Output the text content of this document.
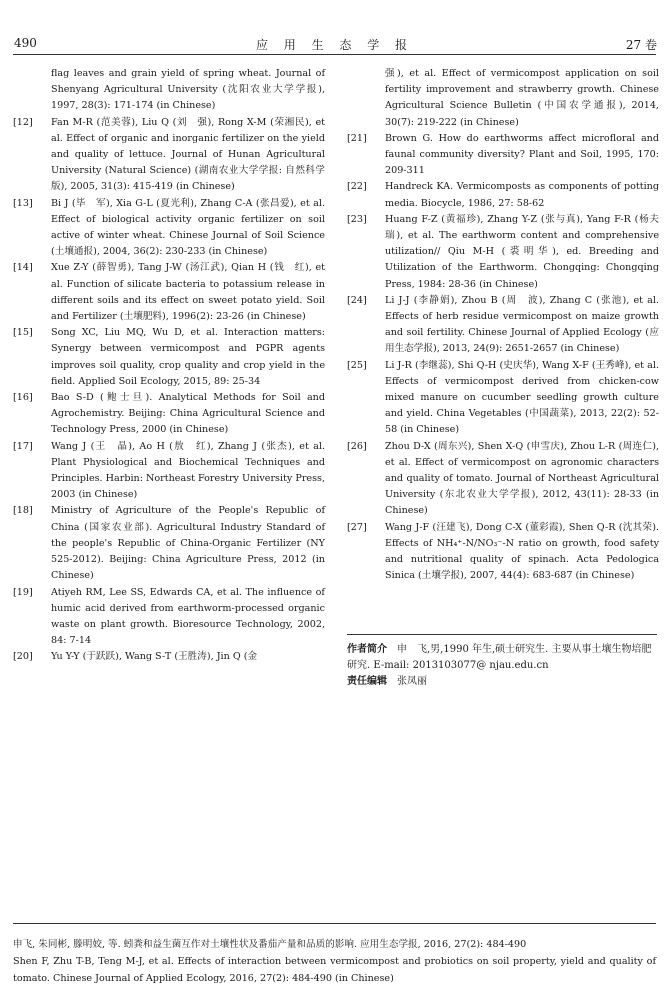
490	应 用 生 态 学 报	27 卷
flag leaves and grain yield of spring wheat. Journal of Shenyang Agricultural University (沈阳农业大学学报), 1997, 28(3): 171-174 (in Chinese)
[12]	Fan M-R (范美蓉), Liu Q (刘　强), Rong X-M (荣湘民), et al. Effect of organic and inorganic fertilizer on the yield and quality of lettuce. Journal of Hunan Agricultural University (Natural Science) (湖南农业大学学报: 自然科学版), 2005, 31(3): 415-419 (in Chinese)
[13]	Bi J (毕　军), Xia G-L (夏光利), Zhang C-A (张昌爱), et al. Effect of biological activity organic fertilizer on soil active of winter wheat. Chinese Journal of Soil Science (土壤通报), 2004, 36(2): 230-233 (in Chinese)
[14]	Xue Z-Y (薛智勇), Tang J-W (汤江武), Qian H (钱　红), et al. Function of silicate bacteria to potassium release in different soils and its effect on sweet potato yield. Soil and Fertilizer (土壤肥料), 1996(2): 23-26 (in Chinese)
[15]	Song XC, Liu MQ, Wu D, et al. Interaction matters: Synergy between vermicompost and PGPR agents improves soil quality, crop quality and crop yield in the field. Applied Soil Ecology, 2015, 89: 25-34
[16]	Bao S-D (鲍士旦). Analytical Methods for Soil and Agrochemistry. Beijing: China Agricultural Science and Technology Press, 2000 (in Chinese)
[17]	Wang J (王　晶), Ao H (敖　红), Zhang J (张杰), et al. Plant Physiological and Biochemical Techniques and Principles. Harbin: Northeast Forestry University Press, 2003 (in Chinese)
[18]	Ministry of Agriculture of the People's Republic of China (国家农业部). Agricultural Industry Standard of the people's Republic of China-Organic Fertilizer (NY 525-2012). Beijing: China Agriculture Press, 2012 (in Chinese)
[19]	Atiyeh RM, Lee SS, Edwards CA, et al. The influence of humic acid derived from earthworm-processed organic waste on plant growth. Bioresource Technology, 2002, 84: 7-14
[20]	Yu Y-Y (于跃跃), Wang S-T (王胜涛), Jin Q (金
强), et al. Effect of vermicompost application on soil fertility improvement and strawberry growth. Chinese Agricultural Science Bulletin (中国农学通报), 2014, 30(7): 219-222 (in Chinese)
[21]	Brown G. How do earthworms affect microfloral and faunal community diversity? Plant and Soil, 1995, 170: 209-311
[22]	Handreck KA. Vermicomposts as components of potting media. Biocycle, 1986, 27: 58-62
[23]	Huang F-Z (黄福珍), Zhang Y-Z (张与真), Yang F-R (杨夫瑞), et al. The earthworm content and comprehensive utilization// Qiu M-H (裘明华), ed. Breeding and Utilization of the Earthworm. Chongqing: Chongqing Press, 1984: 28-36 (in Chinese)
[24]	Li J-J (李静娟), Zhou B (周　波), Zhang C (张池), et al. Effects of herb residue vermicompost on maize growth and soil fertility. Chinese Journal of Applied Ecology (应用生态学报), 2013, 24(9): 2651-2657 (in Chinese)
[25]	Li J-R (李继蕊), Shi Q-H (史庆华), Wang X-F (王秀峰), et al. Effects of vermicompost derived from chicken-cow mixed manure on cucumber seedling growth culture and yield. China Vegetables (中国蔬菜), 2013, 22(2): 52-58 (in Chinese)
[26]	Zhou D-X (周东兴), Shen X-Q (申雪庆), Zhou L-R (周连仁), et al. Effect of vermicompost on agronomic characters and quality of tomato. Journal of Northeast Agricultural University (东北农业大学学报), 2012, 43(11): 28-33 (in Chinese)
[27]	Wang J-F (汪建飞), Dong C-X (董彩霞), Shen Q-R (沈其荣). Effects of NH₄⁺-N/NO₃⁻-N ratio on growth, food safety and nutritional quality of spinach. Acta Pedologica Sinica (土壤学报), 2007, 44(4): 683-687 (in Chinese)
作者简介　 申　飞,男,1990 年生,硕士研究生. 主要从事土壤生物培肥研究. E-mail: 2013103077@ njau.edu.cn
责任编辑　 张凤丽
申飞, 朱同彬, 滕明姣, 等. 蚓粪和益生菌互作对土壤性状及番茄产量和品质的影响. 应用生态学报, 2016, 27(2): 484-490
Shen F, Zhu T-B, Teng M-J, et al. Effects of interaction between vermicompost and probiotics on soil property, yield and quality of tomato. Chinese Journal of Applied Ecology, 2016, 27(2): 484-490 (in Chinese)
